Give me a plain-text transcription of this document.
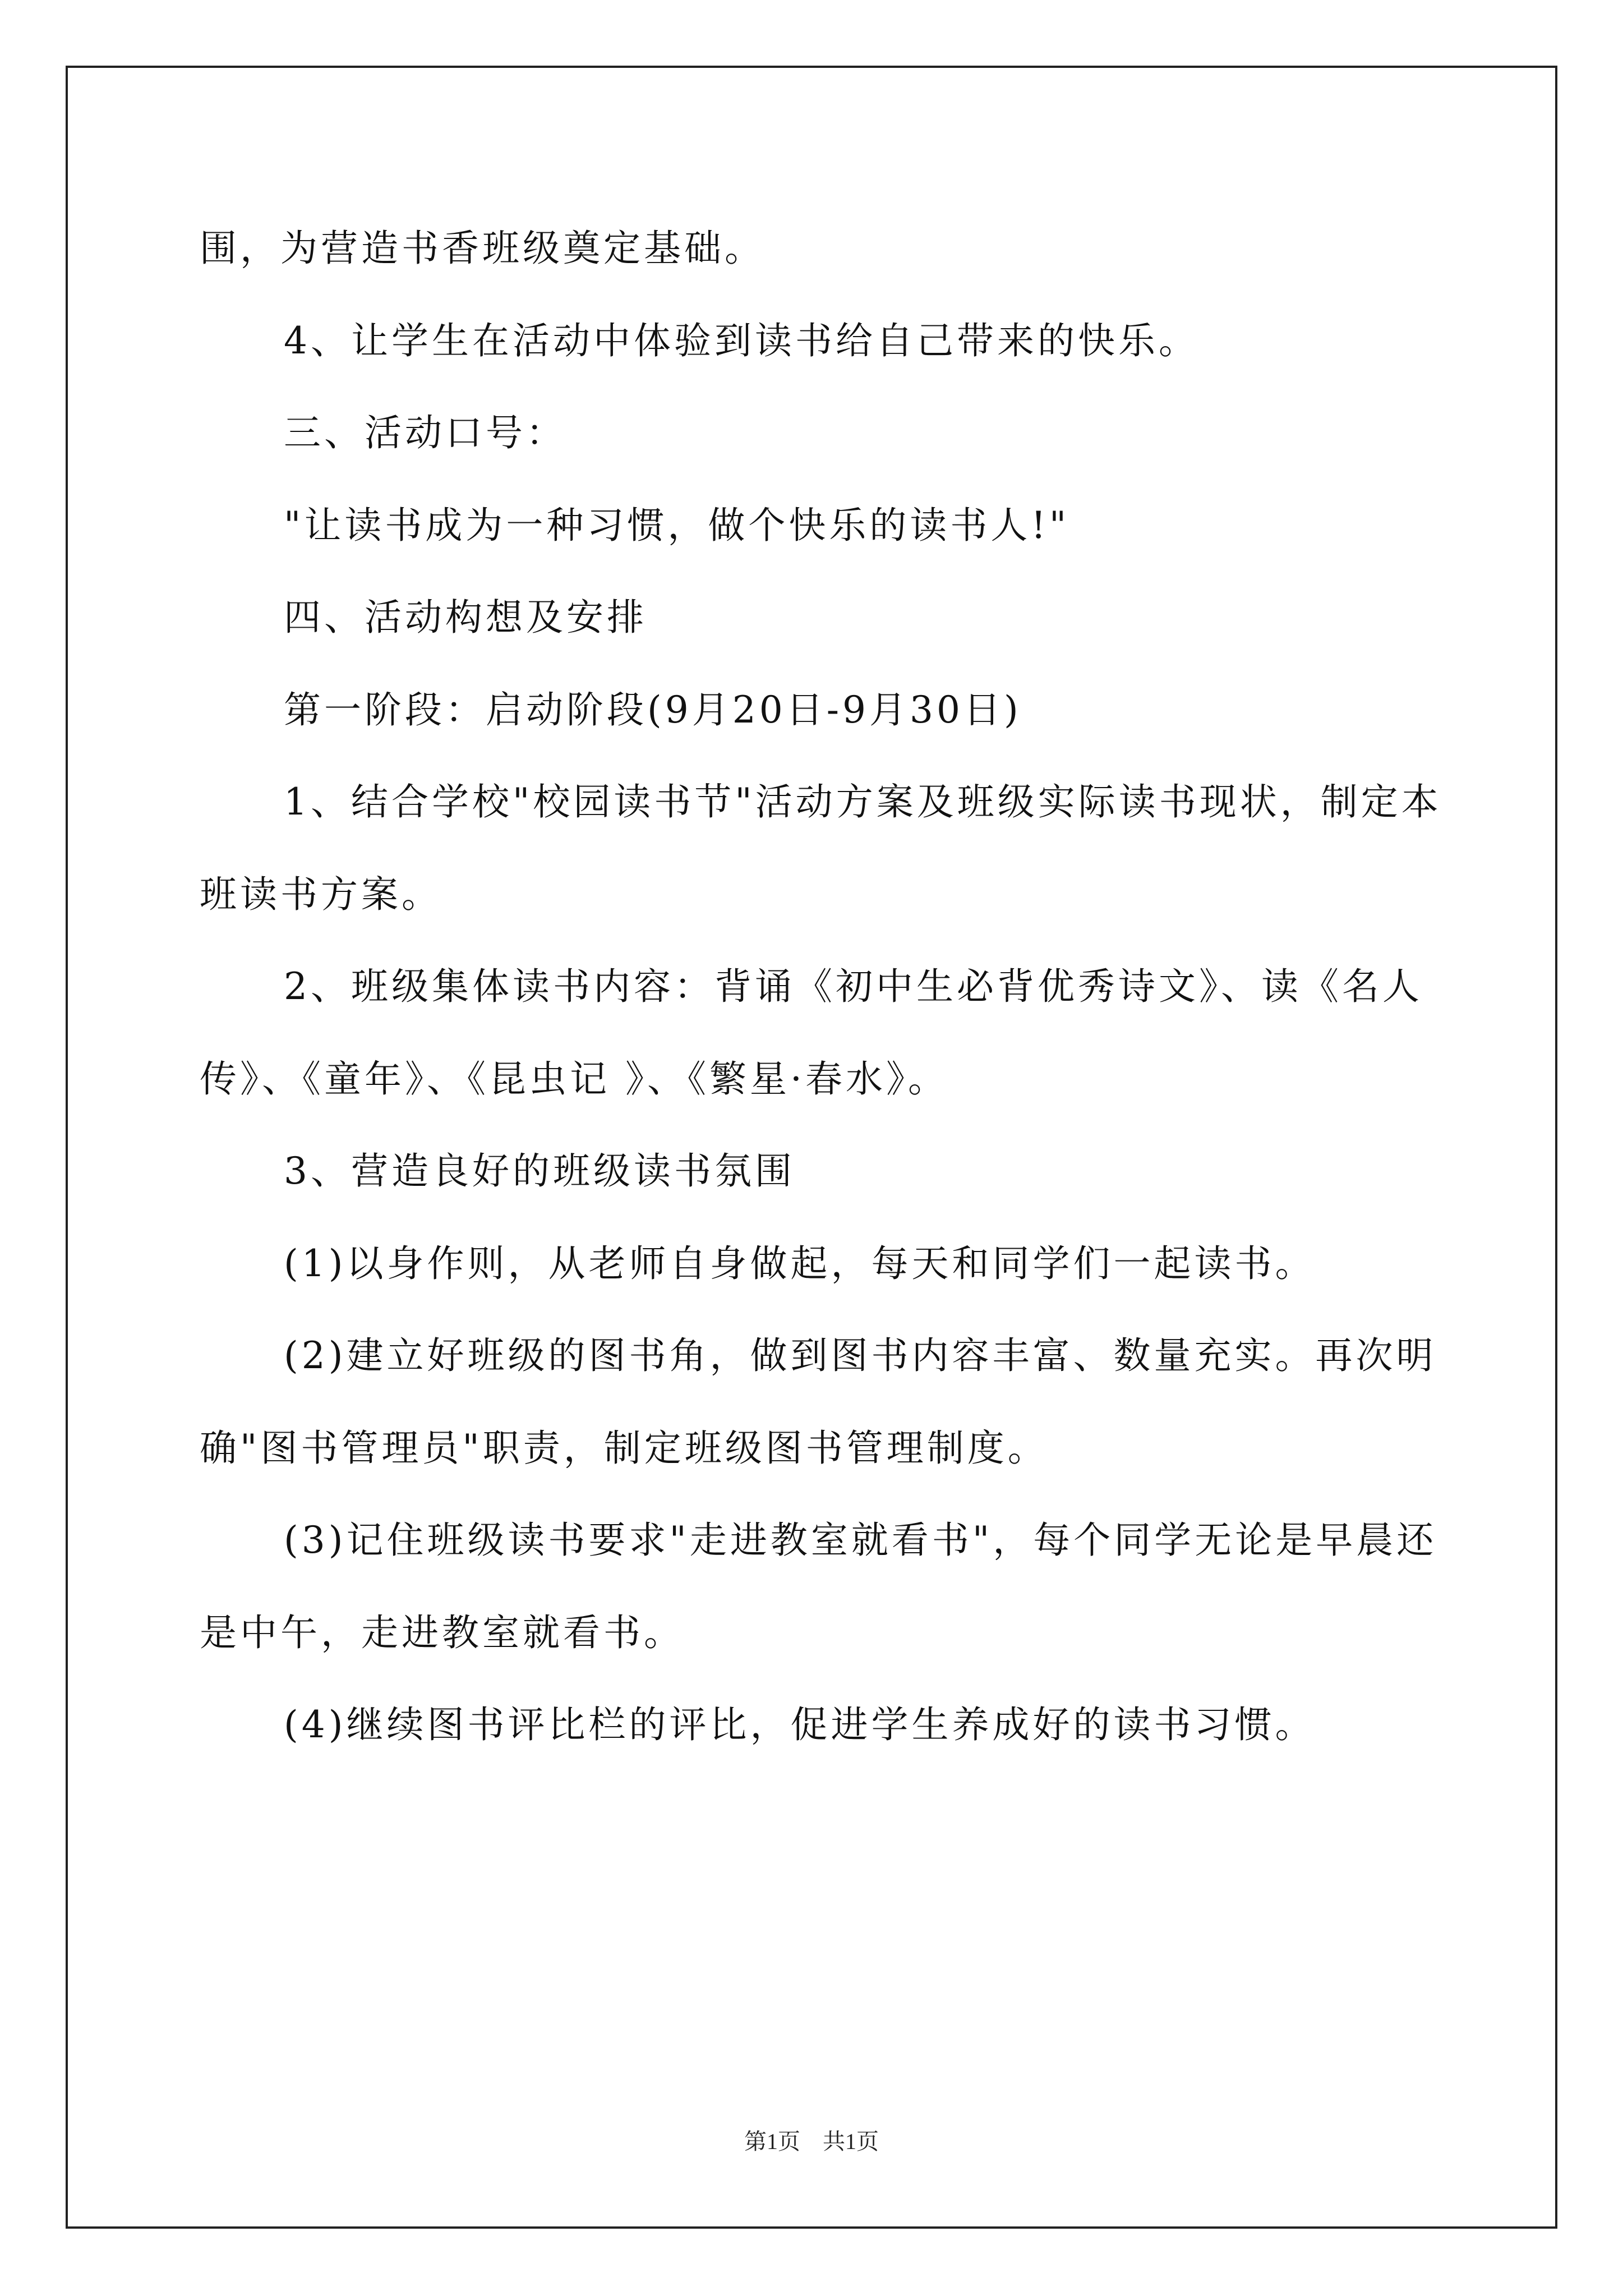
围，为营造书香班级奠定基础。
4、让学生在活动中体验到读书给自己带来的快乐。
三、活动口号：
"让读书成为一种习惯，做个快乐的读书人!"
四、活动构想及安排
第一阶段：启动阶段(9月20日-9月30日)
1、结合学校"校园读书节"活动方案及班级实际读书现状，制定本
班读书方案。
2、班级集体读书内容：背诵《初中生必背优秀诗文》、读《名人
传》、《童年》、《昆虫记 》、《繁星·春水》。
3、营造良好的班级读书氛围
(1)以身作则，从老师自身做起，每天和同学们一起读书。
(2)建立好班级的图书角，做到图书内容丰富、数量充实。再次明
确"图书管理员"职责，制定班级图书管理制度。
(3)记住班级读书要求"走进教室就看书"，每个同学无论是早晨还
是中午，走进教室就看书。
(4)继续图书评比栏的评比，促进学生养成好的读书习惯。
第1页　共1页
